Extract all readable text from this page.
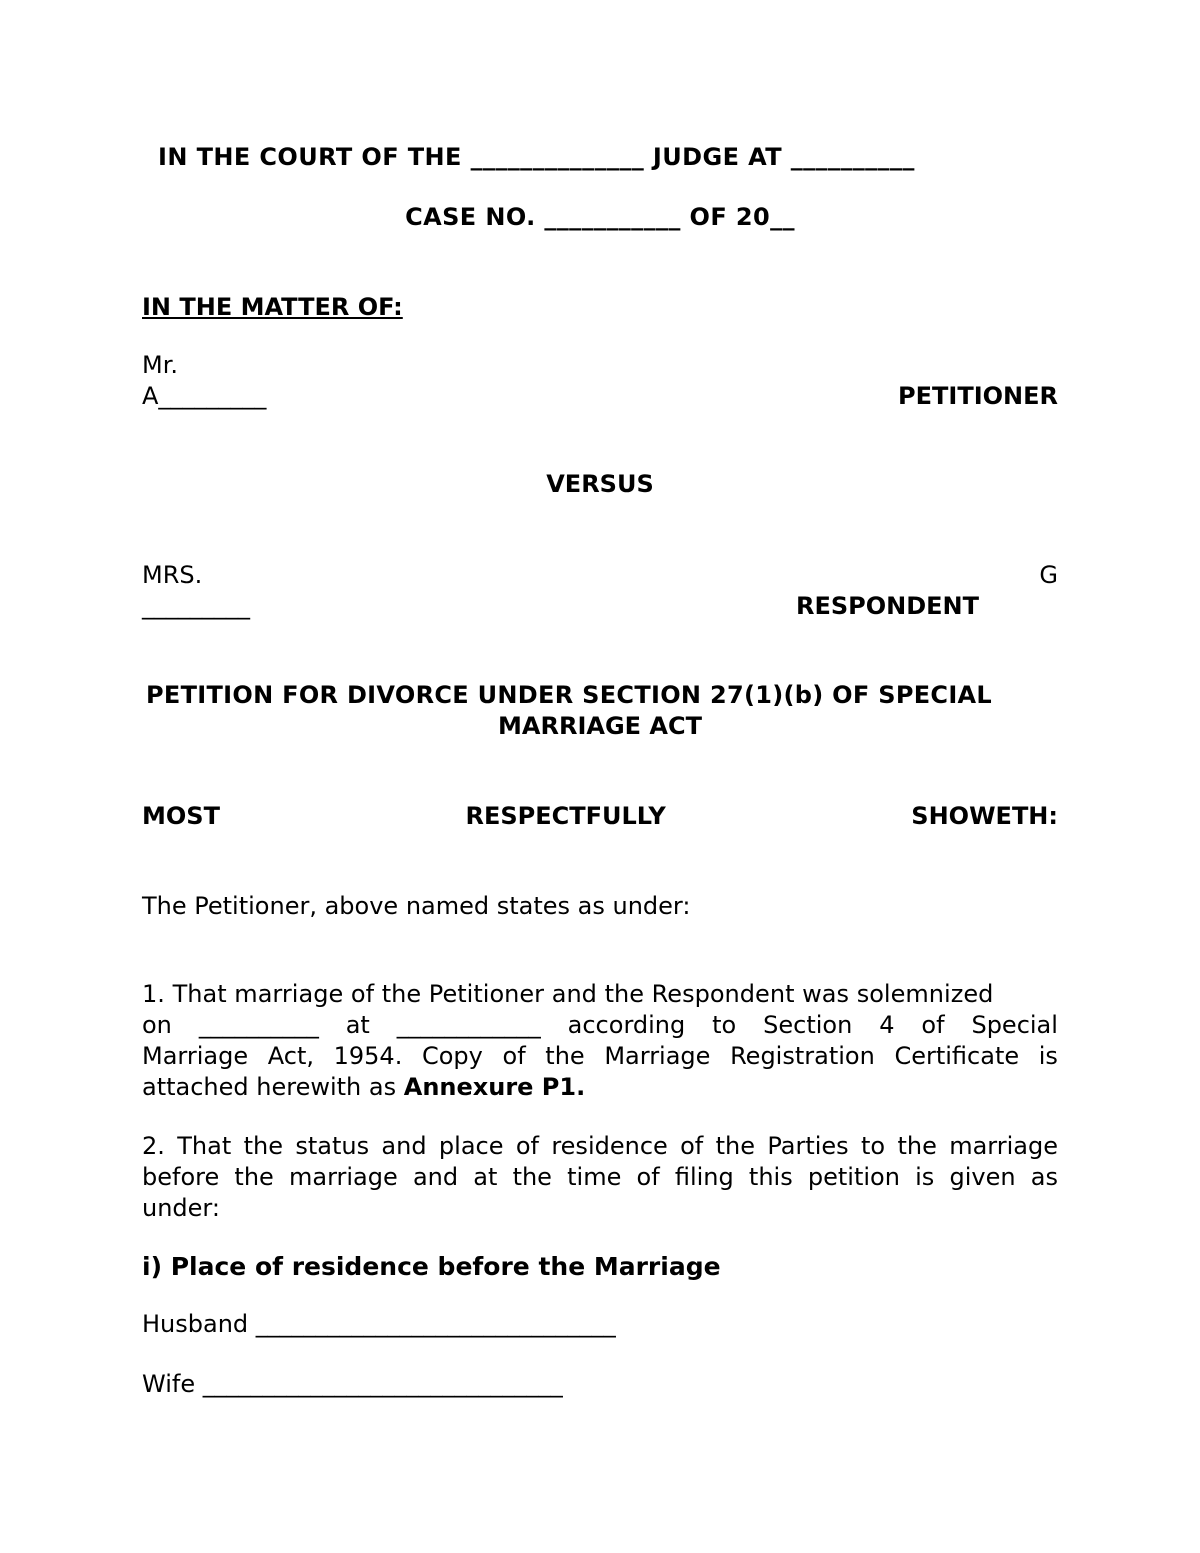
IN THE COURT OF THE ______________ JUDGE AT __________
CASE NO. ___________ OF 20__
IN THE MATTER OF:
Mr.
A_________	PETITIONER
VERSUS
MRS.	G
_________	RESPONDENT
PETITION FOR DIVORCE UNDER SECTION 27(1)(b) OF SPECIAL
MARRIAGE ACT
MOST	RESPECTFULLY	SHOWETH:
The Petitioner, above named states as under:
1. That marriage of the Petitioner and the Respondent was solemnized
on __________ at ____________ according to Section 4 of Special
Marriage Act, 1954. Copy of the Marriage Registration Certificate is
attached herewith as Annexure P1.
2. That the status and place of residence of the Parties to the marriage
before the marriage and at the time of filing this petition is given as
under:
i) Place of residence before the Marriage
Husband ______________________________
Wife ______________________________
